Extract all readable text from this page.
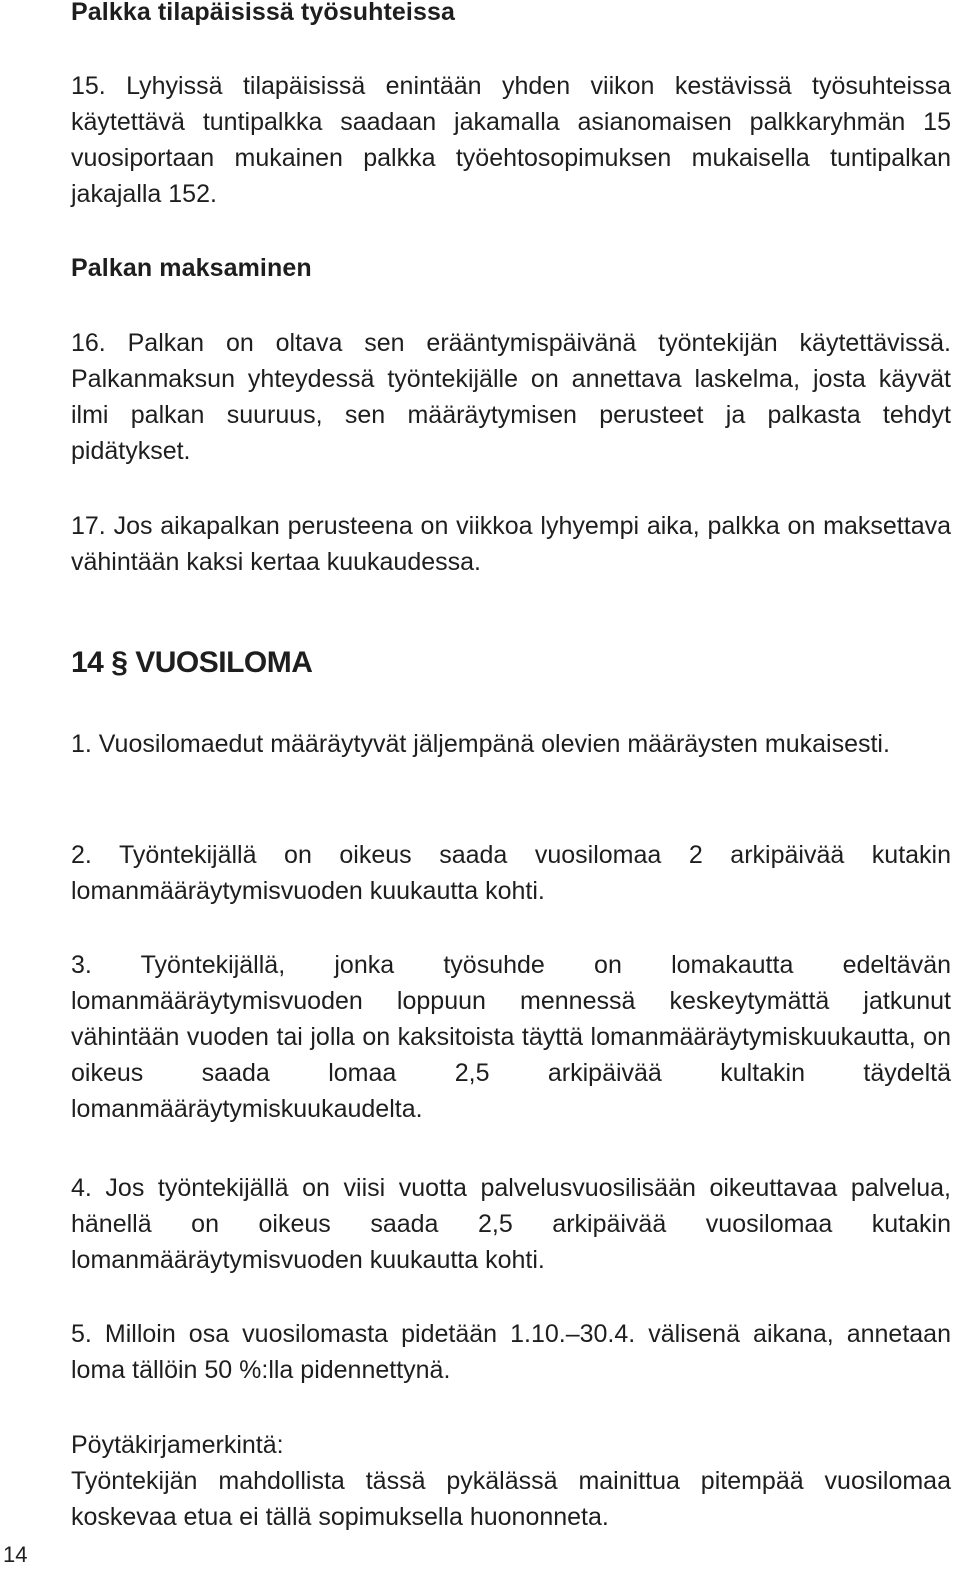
Palkka tilapäisissä työsuhteissa

15. Lyhyissä tilapäisissä enintään yhden viikon kestävissä työsuhteissa käytettävä tuntipalkka saadaan jakamalla asianomaisen palkkaryhmän 15 vuosiportaan mukainen palkka työehtosopimuksen mukaisella tuntipalkan jakajalla 152.

Palkan maksaminen

16. Palkan on oltava sen erääntymispäivänä työntekijän käytettävissä. Palkanmaksun yhteydessä työntekijälle on annettava laskelma, josta käyvät ilmi palkan suuruus, sen määräytymisen perusteet ja palkasta tehdyt pidätykset.

17. Jos aikapalkan perusteena on viikkoa lyhyempi aika, palkka on maksettava vähintään kaksi kertaa kuukaudessa.

14 § VUOSILOMA

1. Vuosilomaedut määräytyvät jäljempänä olevien määräysten mukaisesti.

2. Työntekijällä on oikeus saada vuosilomaa 2 arkipäivää kutakin lomanmääräytymisvuoden kuukautta kohti.

3. Työntekijällä, jonka työsuhde on lomakautta edeltävän lomanmääräytymisvuoden loppuun mennessä keskeytymättä jatkunut vähintään vuoden tai jolla on kaksitoista täyttä lomanmääräytymiskuukautta, on oikeus saada lomaa 2,5 arkipäivää kultakin täydeltä lomanmääräytymiskuukaudelta.

4. Jos työntekijällä on viisi vuotta palvelusvuosilisään oikeuttavaa palvelua, hänellä on oikeus saada 2,5 arkipäivää vuosilomaa kutakin lomanmääräytymisvuoden kuukautta kohti.

5. Milloin osa vuosilomasta pidetään 1.10.–30.4. välisenä aikana, annetaan loma tällöin 50 %:lla pidennettynä.

Pöytäkirjamerkintä:

Työntekijän mahdollista tässä pykälässä mainittua pitempää vuosilomaa koskevaa etua ei tällä sopimuksella huononneta.

14
